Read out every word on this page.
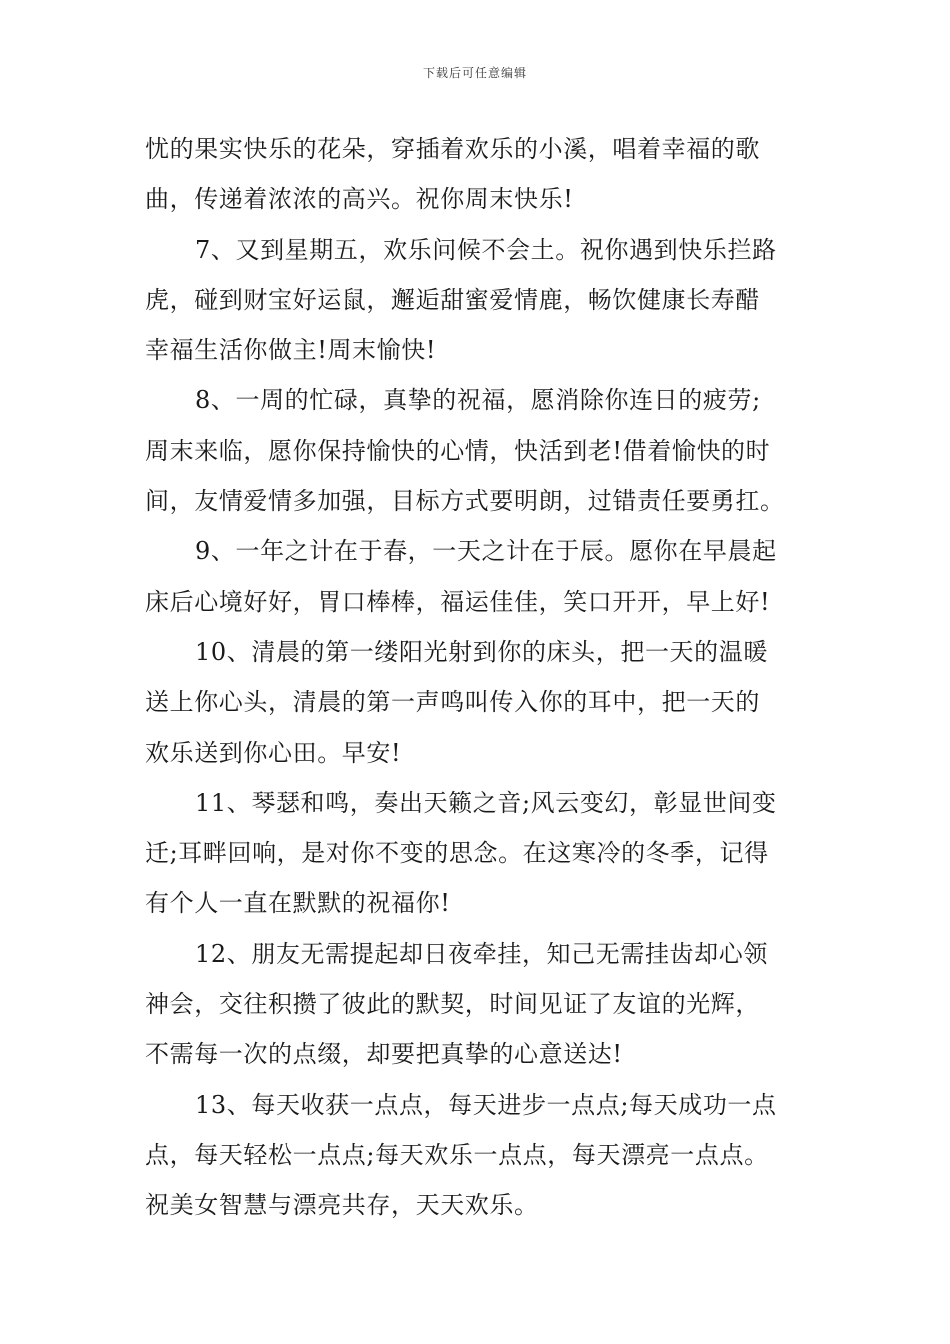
下载后可任意编辑
忧的果实快乐的花朵，穿插着欢乐的小溪，唱着幸福的歌
曲，传递着浓浓的高兴。祝你周末快乐!
7、又到星期五，欢乐问候不会土。祝你遇到快乐拦路
虎，碰到财宝好运鼠，邂逅甜蜜爱情鹿，畅饮健康长寿醋
幸福生活你做主!周末愉快!
8、一周的忙碌，真挚的祝福，愿消除你连日的疲劳;
周末来临，愿你保持愉快的心情，快活到老!借着愉快的时
间，友情爱情多加强，目标方式要明朗，过错责任要勇扛。
9、一年之计在于春，一天之计在于辰。愿你在早晨起
床后心境好好，胃口棒棒，福运佳佳，笑口开开，早上好!
10、清晨的第一缕阳光射到你的床头，把一天的温暖
送上你心头，清晨的第一声鸣叫传入你的耳中，把一天的
欢乐送到你心田。早安!
11、琴瑟和鸣，奏出天籁之音;风云变幻，彰显世间变
迁;耳畔回响，是对你不变的思念。在这寒冷的冬季，记得
有个人一直在默默的祝福你!
12、朋友无需提起却日夜牵挂，知己无需挂齿却心领
神会，交往积攒了彼此的默契，时间见证了友谊的光辉，
不需每一次的点缀，却要把真挚的心意送达!
13、每天收获一点点，每天进步一点点;每天成功一点
点，每天轻松一点点;每天欢乐一点点，每天漂亮一点点。
祝美女智慧与漂亮共存，天天欢乐。
